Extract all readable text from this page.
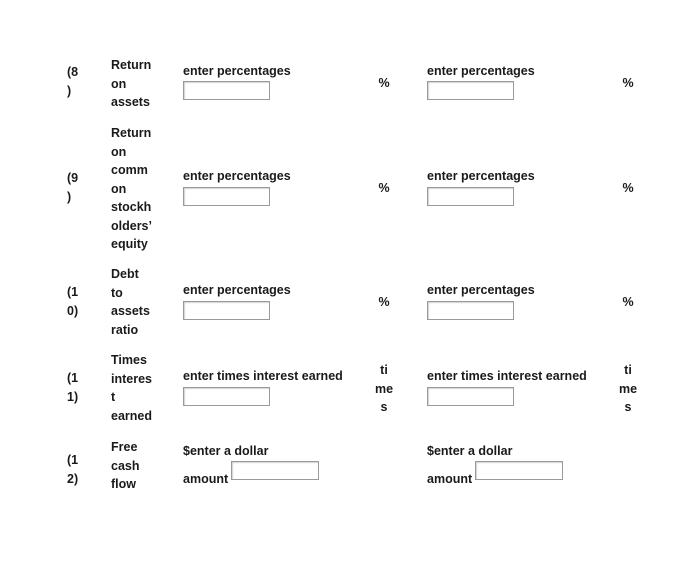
(8
)
Return
on
assets
enter percentages
%
enter percentages
%
(9
)
Return
on
comm
on
stockh
olders’
equity
enter percentages
%
enter percentages
%
(1
0)
Debt
to
assets
ratio
enter percentages
%
enter percentages
%
(1
1)
Times
interes
t
earned
enter times interest earned	ti
me
s
enter times interest earned	ti
me
s
(1
2)
Free
cash
flow
$enter a dollar
amount
$enter a dollar
amount
